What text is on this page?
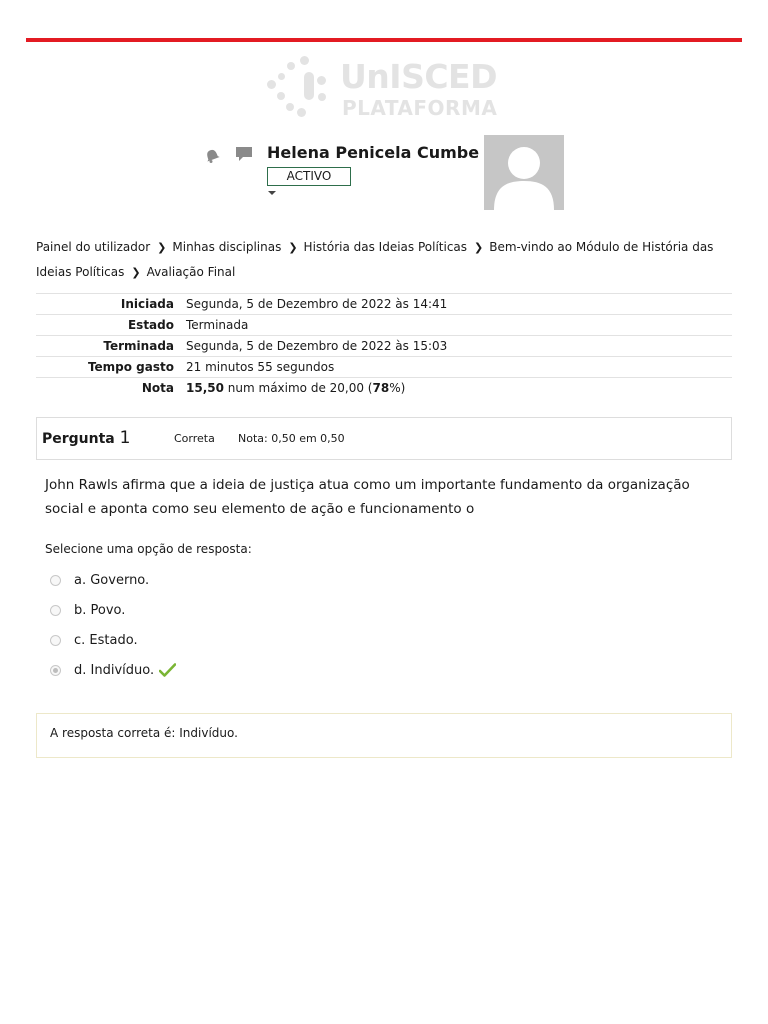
UnISCED
PLATAFORMA
Helena Penicela Cumbe
ACTIVO
Painel do utilizador ❯ Minhas disciplinas ❯ História das Ideias Políticas ❯ Bem-vindo ao Módulo de História das Ideias Políticas ❯ Avaliação Final
Iniciada	Segunda, 5 de Dezembro de 2022 às 14:41
Estado	Terminada
Terminada	Segunda, 5 de Dezembro de 2022 às 15:03
Tempo gasto	21 minutos 55 segundos
Nota	15,50 num máximo de 20,00 (78%)
Pergunta 1	Correta Nota: 0,50 em 0,50
John Rawls afirma que a ideia de justiça atua como um importante fundamento da organização social e aponta como seu elemento de ação e funcionamento o
Selecione uma opção de resposta:
a. Governo.
b. Povo.
c. Estado.
d. Indivíduo.
A resposta correta é: Indivíduo.
